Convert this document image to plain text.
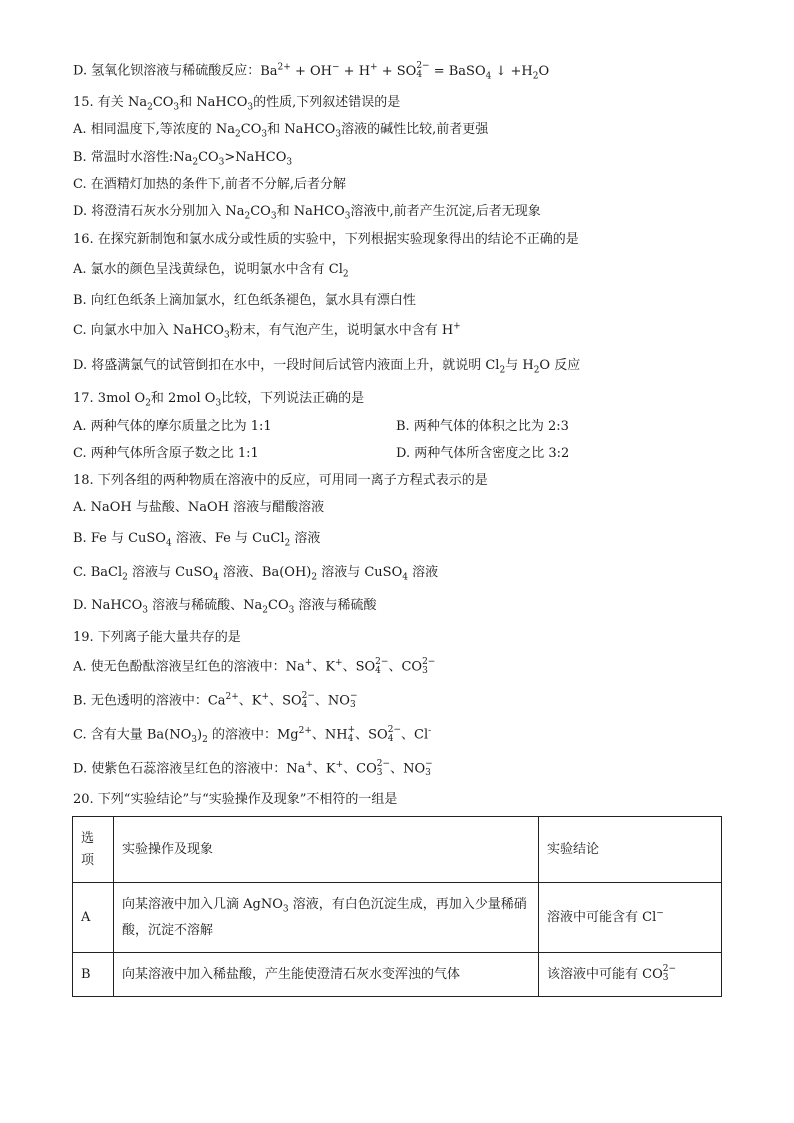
D. 氢氧化钡溶液与稀硫酸反应：$Ba^{2+} + OH^- + H^+$ + SO 2−
4 = BaSO$_4$ ↓ $+H_2O$
15. 有关 $Na_2CO_3$和 NaHCO$_3$的性质,下列叙述错误的是
A. 相同温度下,等浓度的 $Na_2CO_3$和 NaHCO$_3$溶液的碱性比较,前者更强
B. 常温时水溶性$:Na_2CO_3>NaHCO_3$
C. 在酒精灯加热的条件下,前者不分解,后者分解
D. 将澄清石灰水分别加入 $Na_2CO_3$和 NaHCO$_3$溶液中,前者产生沉淀,后者无现象
16. 在探究新制饱和氯水成分或性质的实验中，下列根据实验现象得出的结论不正确的是
A. 氯水的颜色呈浅黄绿色，说明氯水中含有 $Cl_2$
B. 向红色纸条上滴加氯水，红色纸条褪色，氯水具有漂白性
C. 向氯水中加入 NaHCO$_3$粉末，有气泡产生，说明氯水中含有 H+
D. 将盛满氯气的试管倒扣在水中，一段时间后试管内液面上升，就说明 $Cl_2$与 $H_2O$ 反应
17. 3mol $O_2$和 2mol $O_3$比较，下列说法正确的是
A. 两种气体的摩尔质量之比为 1:1	B. 两种气体的体积之比为 2:3
C. 两种气体所含原子数之比 1:1	D. 两种气体所含密度之比 3:2
18. 下列各组的两种物质在溶液中的反应，可用同一离子方程式表示的是
A. NaOH 与盐酸、NaOH 溶液与醋酸溶液
B. Fe 与 CuSO$_4$ 溶液、Fe 与 CuCl$_2$ 溶液
C. BaCl$_2$ 溶液与 CuSO$_4$ 溶液、$Ba(OH)_2$ 溶液与 CuSO$_4$ 溶液
D. NaHCO$_3$ 溶液与稀硫酸、$Na_2CO_3$ 溶液与稀硫酸
19. 下列离子能大量共存的是
A. 使无色酚酞溶液呈红色的溶液中：Na+、K+、SO 2−
4 、CO 2−
3
B. 无色透明的溶液中：$Ca^{2+}$、K+、SO 2−
4 、NO −
3
C. 含有大量 $Ba(NO_3)_2$ 的溶液中：$Mg^{2+}$、NH +
4 、SO 2−
4 、Cl-
D. 使紫色石蕊溶液呈红色的溶液中：Na+、K+、CO 2−
3 、NO −
3
20. 下列“实验结论”与“实验操作及现象”不相符的一组是
选项	实验操作及现象	实验结论
A	向某溶液中加入几滴 AgNO$_3$ 溶液，有白色沉淀生成，再加入少量稀硝酸，沉淀不溶解	溶液中可能含有 Cl−
B	向某溶液中加入稀盐酸，产生能使澄清石灰水变浑浊的气体	该溶液中可能有 CO 2−
3
